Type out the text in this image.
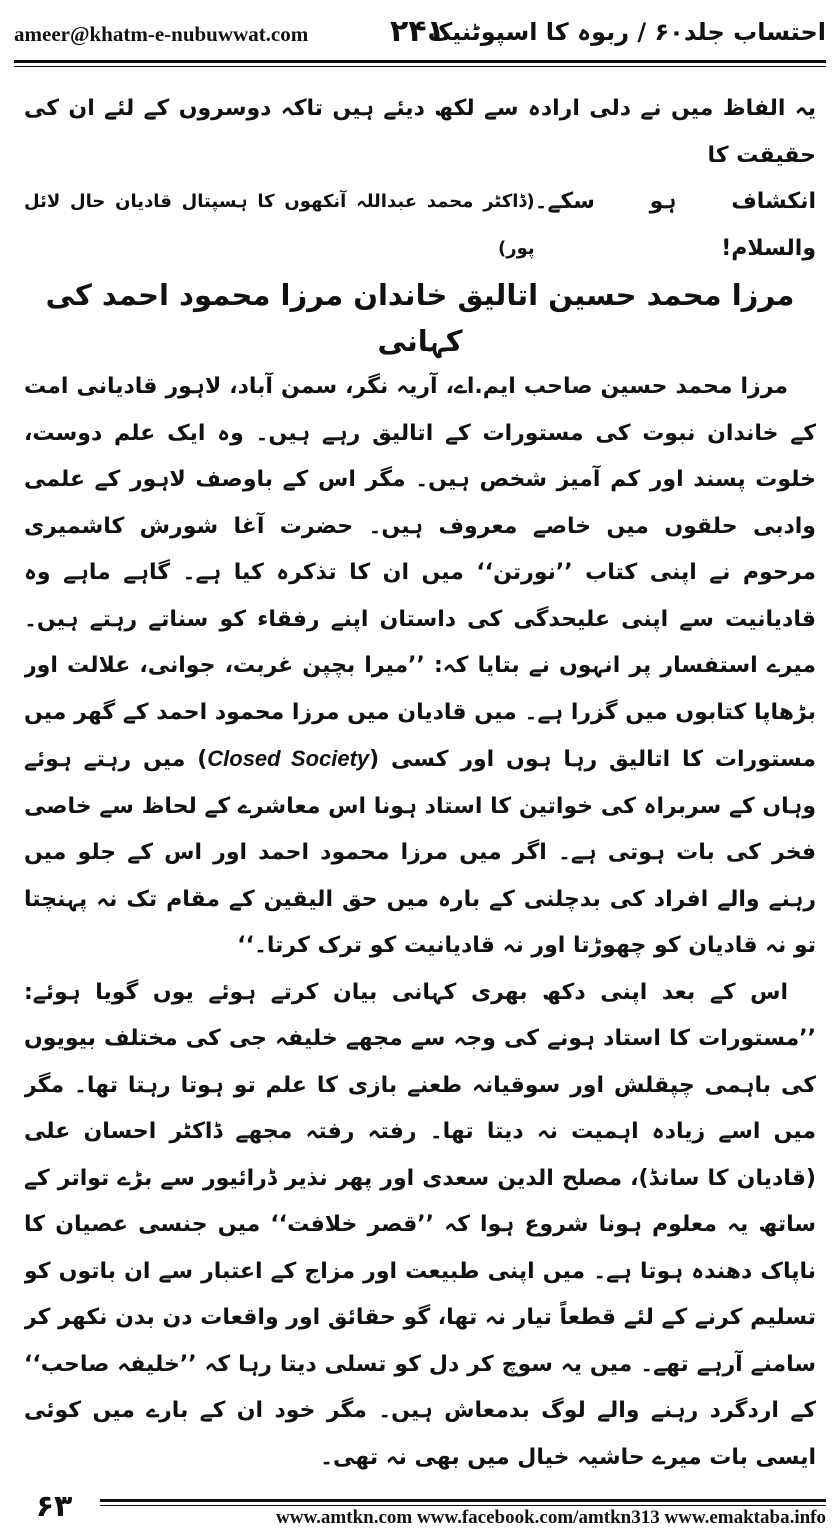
ameer@khatm-e-nubuwwat.com	۲۴۱
احتساب جلد۶۰ / ربوہ کا اسپوٹنیک

یہ الفاظ میں نے دلی ارادہ سے لکھ دیئے ہیں تاکہ دوسروں کے لئے ان کی حقیقت کا

انکشاف ہو سکے۔ والسلام!
(ڈاکٹر محمد عبداللہ آنکھوں کا ہسپتال قادیان حال لائل پور)

مرزا محمد حسین اتالیق خاندان مرزا محمود احمد کی کہانی

مرزا محمد حسین صاحب ایم.اے، آریہ نگر، سمن آباد، لاہور قادیانی امت کے خاندان نبوت کی مستورات کے اتالیق رہے ہیں۔ وہ ایک علم دوست، خلوت پسند اور کم آمیز شخص ہیں۔ مگر اس کے باوصف لاہور کے علمی وادبی حلقوں میں خاصے معروف ہیں۔ حضرت آغا شورش کاشمیری مرحوم نے اپنی کتاب ’’نورتن‘‘ میں ان کا تذکرہ کیا ہے۔ گاہے ماہے وہ قادیانیت سے اپنی علیحدگی کی داستان اپنے رفقاء کو سناتے رہتے ہیں۔ میرے استفسار پر انہوں نے بتایا کہ: ’’میرا بچپن غربت، جوانی، علالت اور بڑھاپا کتابوں میں گزرا ہے۔ میں قادیان میں مرزا محمود احمد کے گھر میں مستورات کا اتالیق رہا ہوں اور کسی (Closed Society) میں رہتے ہوئے وہاں کے سربراہ کی خواتین کا استاد ہونا اس معاشرے کے لحاظ سے خاصی فخر کی بات ہوتی ہے۔ اگر میں مرزا محمود احمد اور اس کے جلو میں رہنے والے افراد کی بدچلنی کے بارہ میں حق الیقین کے مقام تک نہ پہنچتا تو نہ قادیان کو چھوڑتا اور نہ قادیانیت کو ترک کرتا۔‘‘

اس کے بعد اپنی دکھ بھری کہانی بیان کرتے ہوئے یوں گویا ہوئے: ’’مستورات کا استاد ہونے کی وجہ سے مجھے خلیفہ جی کی مختلف بیویوں کی باہمی چپقلش اور سوقیانہ طعنے بازی کا علم تو ہوتا رہتا تھا۔ مگر میں اسے زیادہ اہمیت نہ دیتا تھا۔ رفتہ رفتہ مجھے ڈاکٹر احسان علی (قادیان کا سانڈ)، مصلح الدین سعدی اور پھر نذیر ڈرائیور سے بڑے تواتر کے ساتھ یہ معلوم ہونا شروع ہوا کہ ’’قصر خلافت‘‘ میں جنسی عصیان کا ناپاک دھندہ ہوتا ہے۔ میں اپنی طبیعت اور مزاج کے اعتبار سے ان باتوں کو تسلیم کرنے کے لئے قطعاً تیار نہ تھا، گو حقائق اور واقعات دن بدن نکھر کر سامنے آرہے تھے۔ میں یہ سوچ کر دل کو تسلی دیتا رہا کہ ’’خلیفہ صاحب‘‘ کے اردگرد رہنے والے لوگ بدمعاش ہیں۔ مگر خود ان کے بارے میں کوئی ایسی بات میرے حاشیہ خیال میں بھی نہ تھی۔

۶۳	www.amtkn.com www.facebook.com/amtkn313 www.emaktaba.info
